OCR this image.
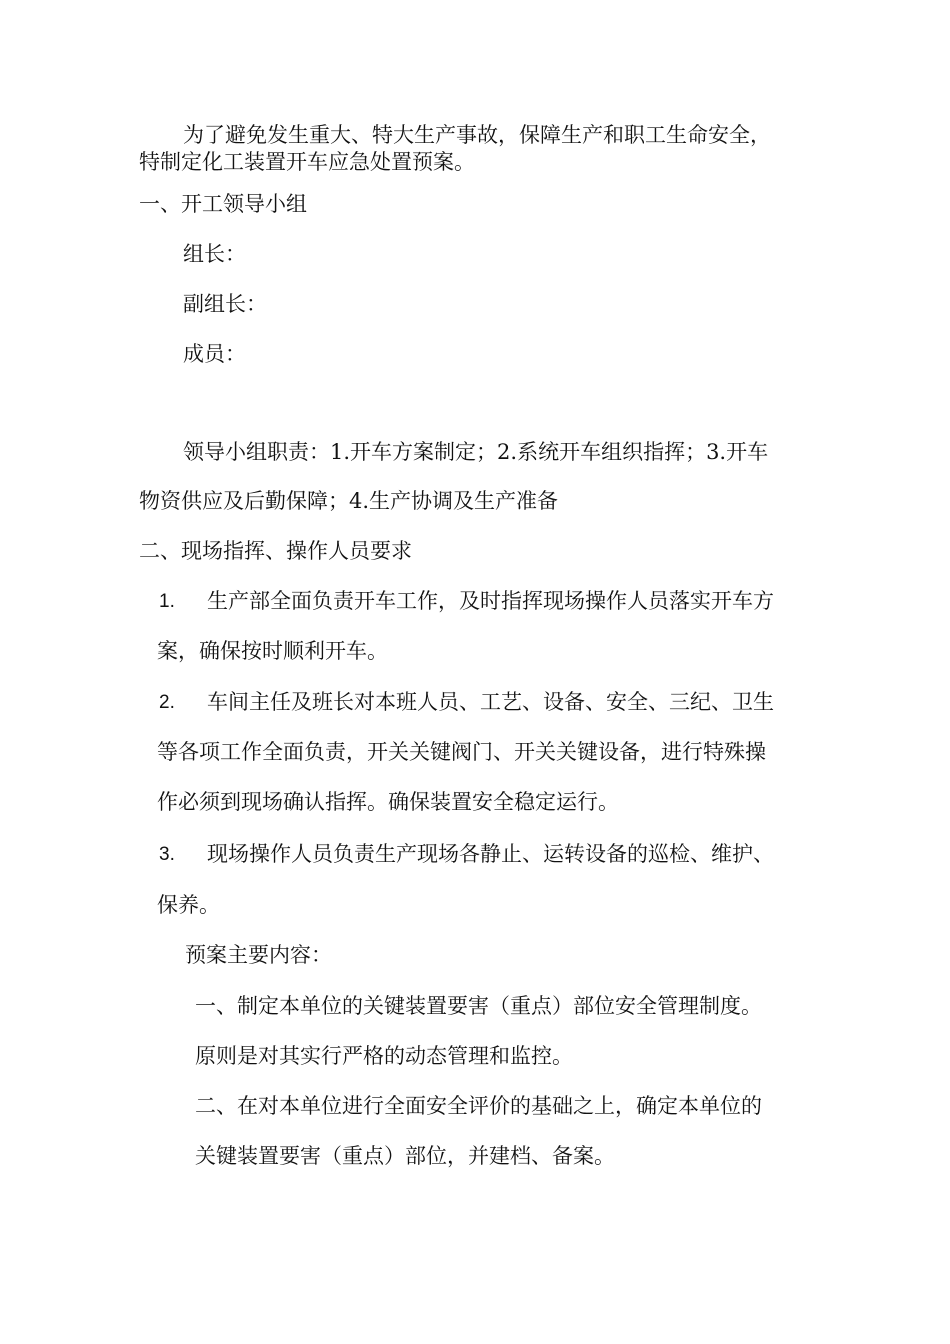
为了避免发生重大、特大生产事故，保障生产和职工生命安全，
特制定化工装置开车应急处置预案。
一、开工领导小组
组长：
副组长：
成员：
领导小组职责：1.开车方案制定；2.系统开车组织指挥；3.开车
物资供应及后勤保障；4.生产协调及生产准备
二、现场指挥、操作人员要求
1. 生产部全面负责开车工作，及时指挥现场操作人员落实开车方
案，确保按时顺利开车。
2. 车间主任及班长对本班人员、工艺、设备、安全、三纪、卫生
等各项工作全面负责，开关关键阀门、开关关键设备，进行特殊操
作必须到现场确认指挥。确保装置安全稳定运行。
3. 现场操作人员负责生产现场各静止、运转设备的巡检、维护、
保养。
预案主要内容：
一、制定本单位的关键装置要害（重点）部位安全管理制度。
原则是对其实行严格的动态管理和监控。
二、在对本单位进行全面安全评价的基础之上，确定本单位的
关键装置要害（重点）部位，并建档、备案。
